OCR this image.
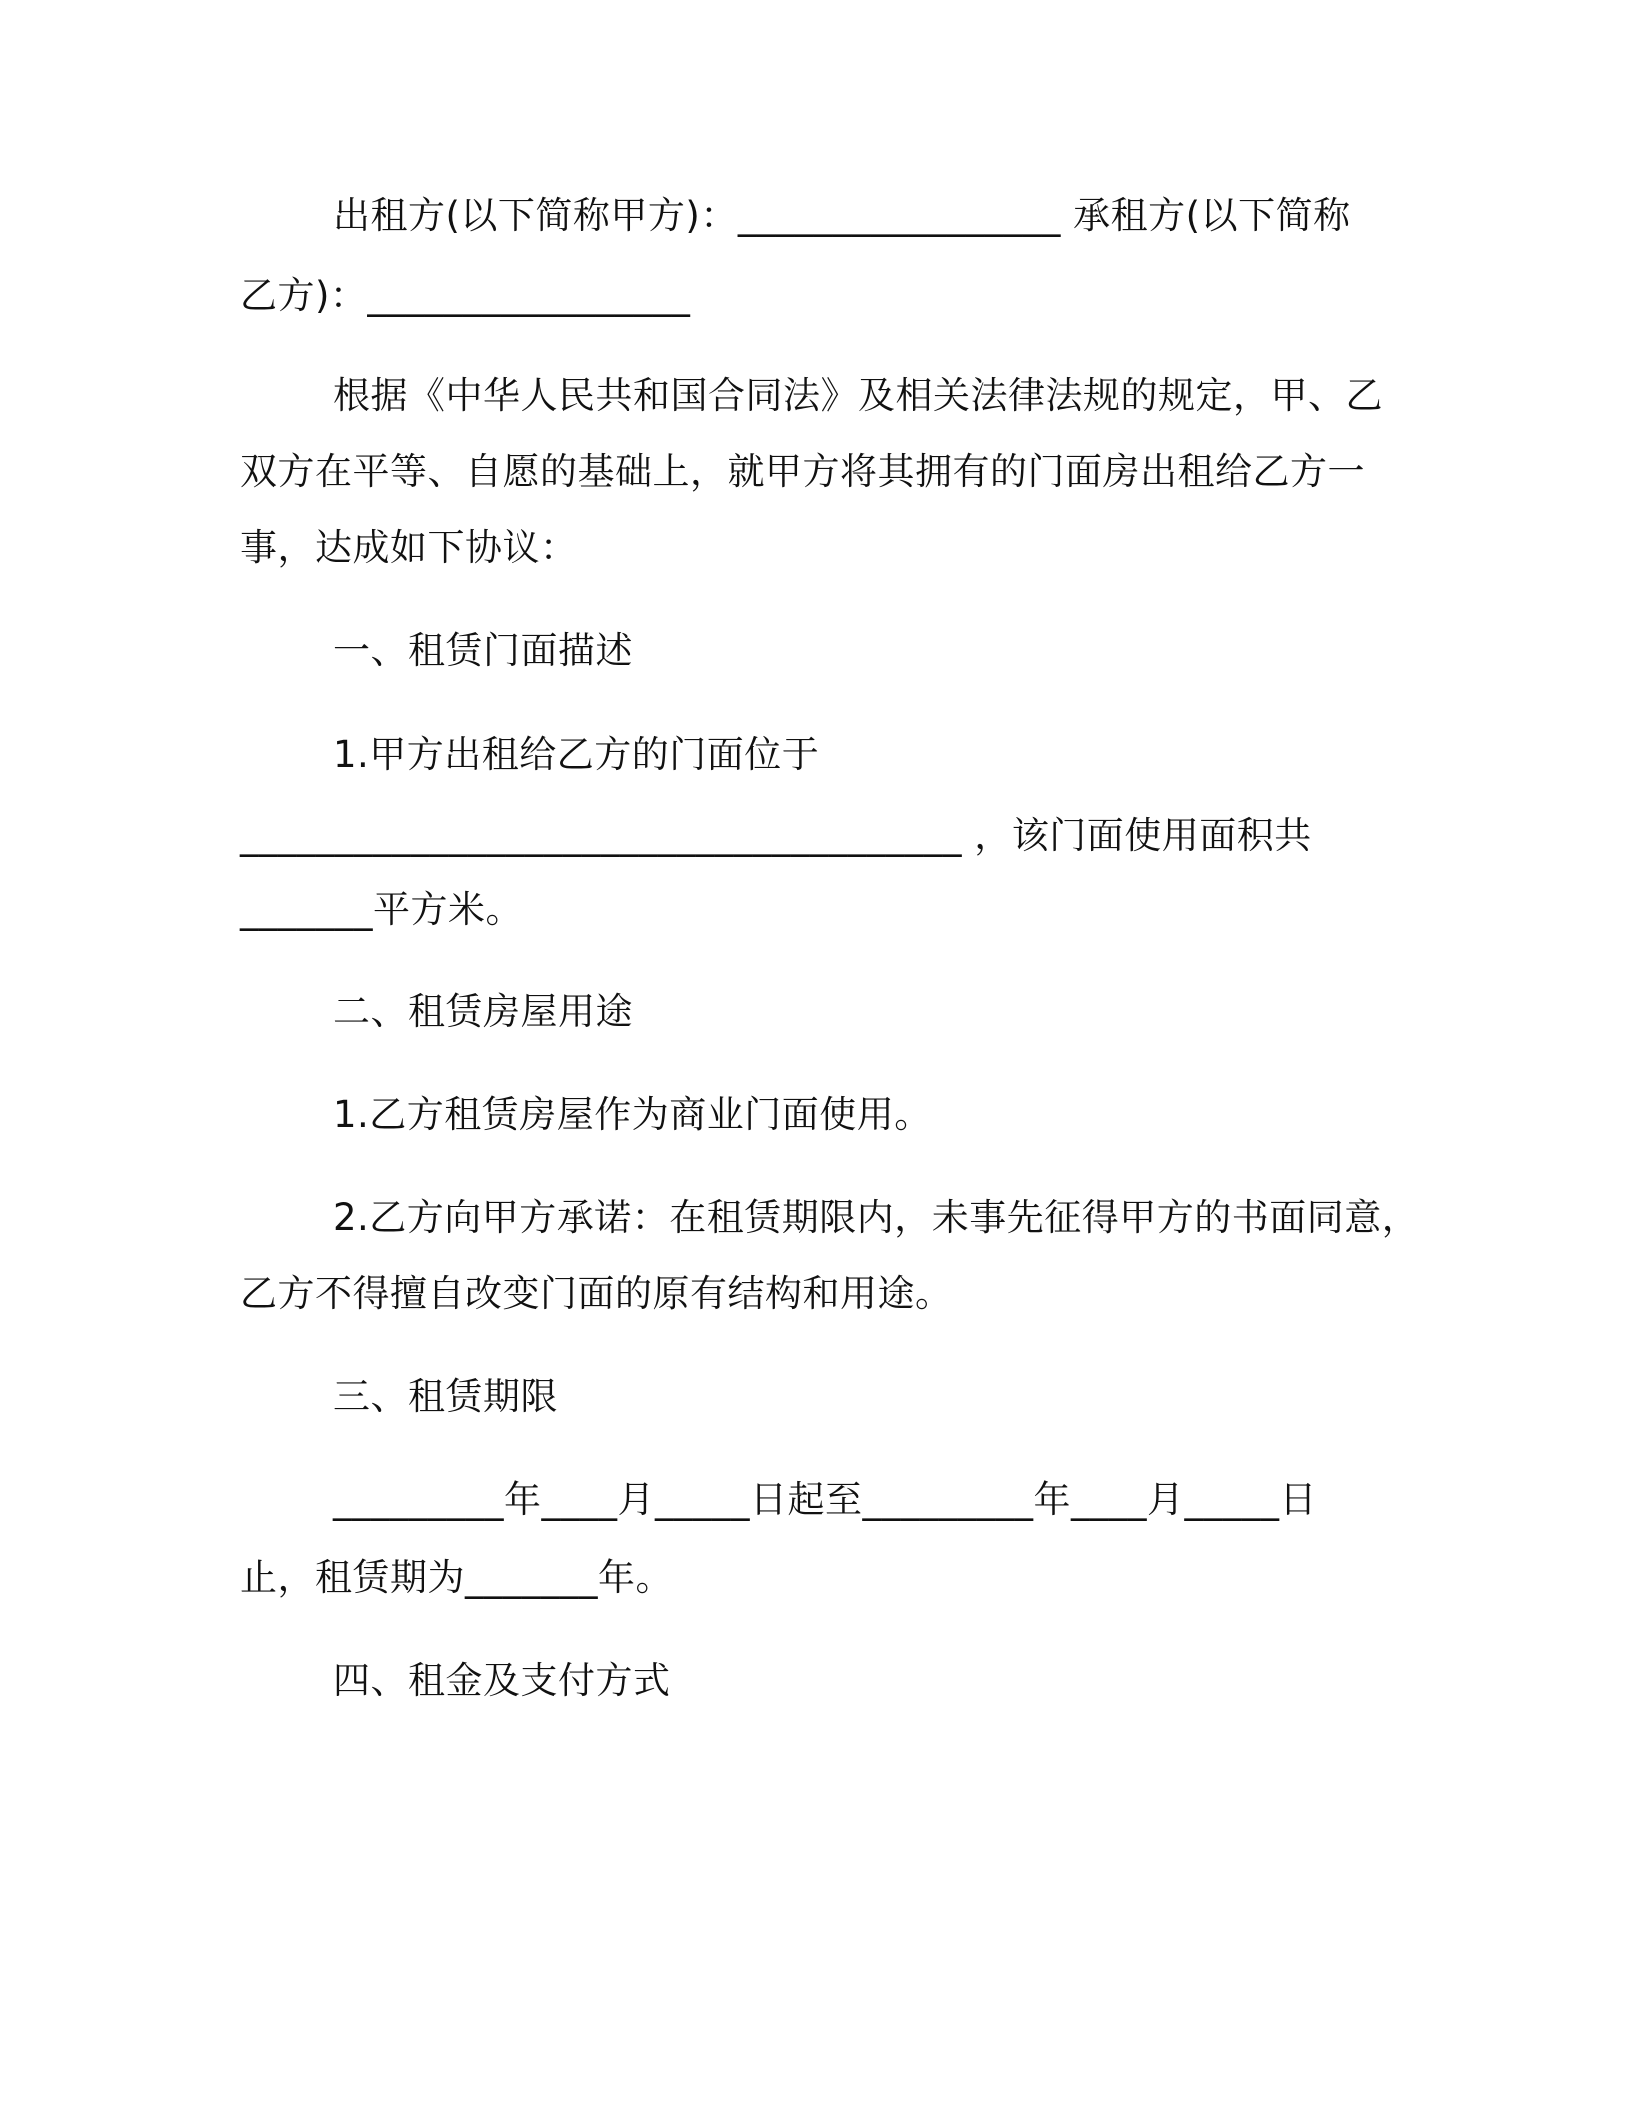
出租方(以下简称甲方)：_________________ 承租方(以下简称
乙方)：_________________
根据《中华人民共和国合同法》及相关法律法规的规定，甲、乙
双方在平等、自愿的基础上，就甲方将其拥有的门面房出租给乙方一
事，达成如下协议：
一、租赁门面描述
1.甲方出租给乙方的门面位于
______________________________________ ，该门面使用面积共
_______平方米。
二、租赁房屋用途
1.乙方租赁房屋作为商业门面使用。
2.乙方向甲方承诺：在租赁期限内，未事先征得甲方的书面同意，
乙方不得擅自改变门面的原有结构和用途。
三、租赁期限
_________年____月_____日起至_________年____月_____日
止，租赁期为_______年。
四、租金及支付方式
